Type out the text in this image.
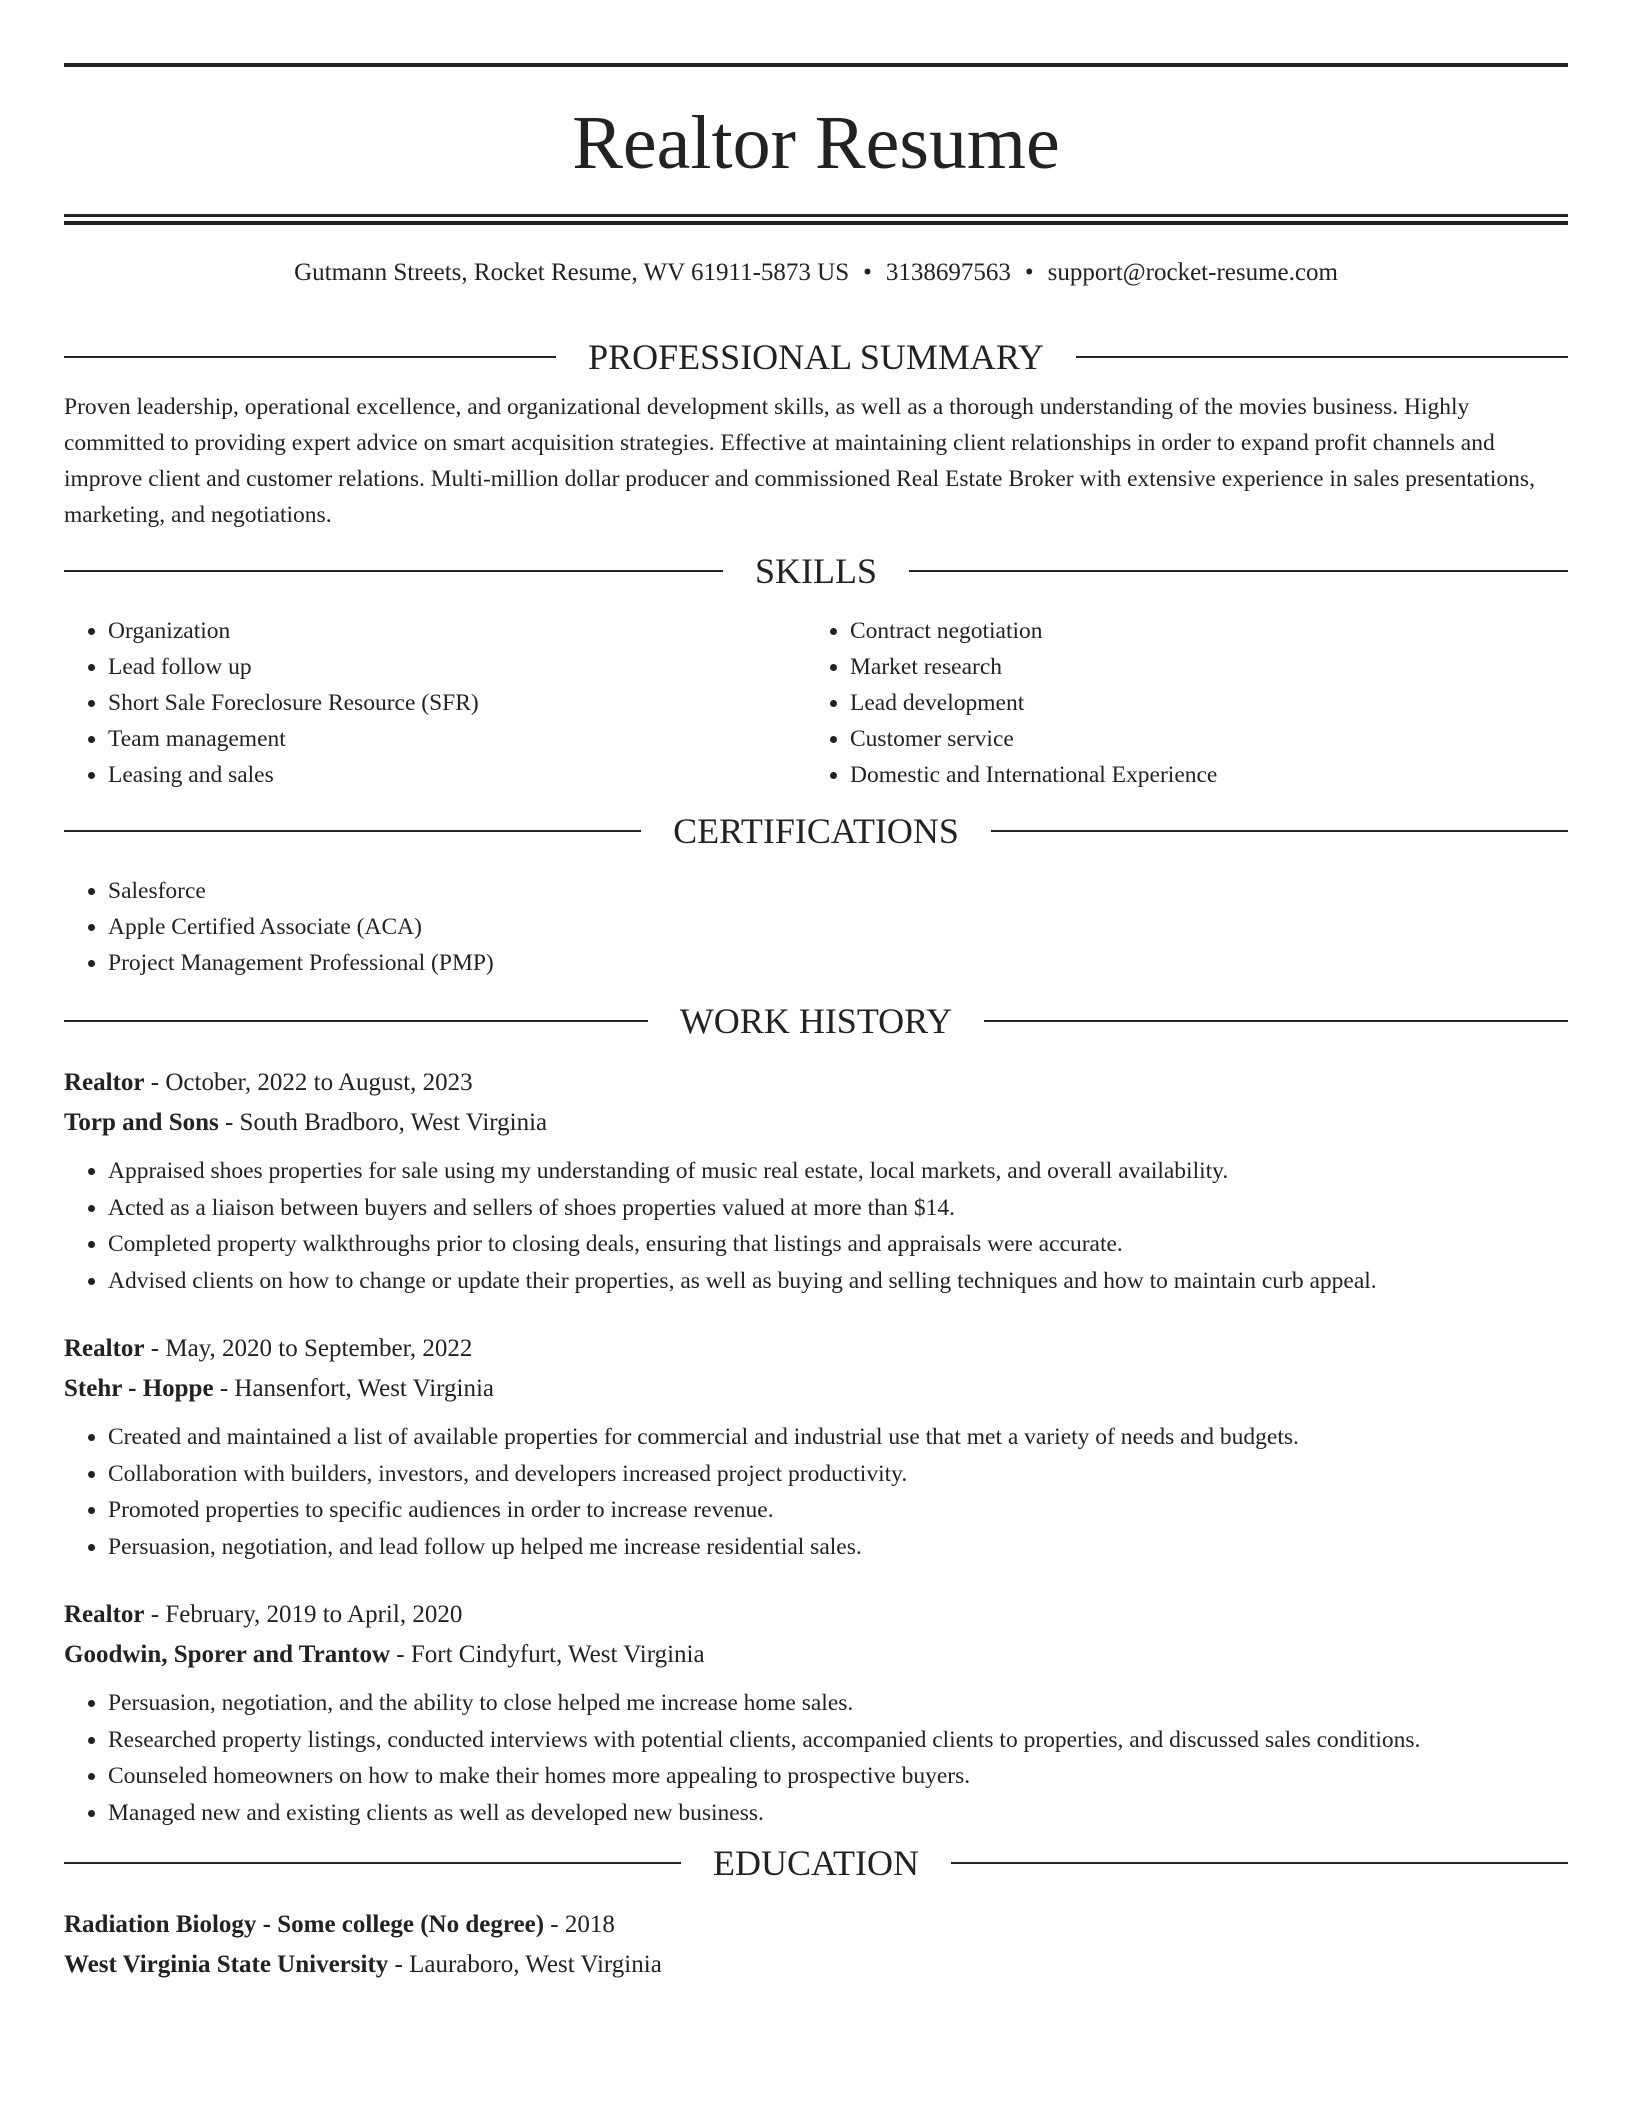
Realtor Resume
Gutmann Streets, Rocket Resume, WV 61911-5873 US • 3138697563 • support@rocket-resume.com
PROFESSIONAL SUMMARY
Proven leadership, operational excellence, and organizational development skills, as well as a thorough understanding of the movies business. Highly committed to providing expert advice on smart acquisition strategies. Effective at maintaining client relationships in order to expand profit channels and improve client and customer relations. Multi-million dollar producer and commissioned Real Estate Broker with extensive experience in sales presentations, marketing, and negotiations.
SKILLS
• Organization
• Lead follow up
• Short Sale Foreclosure Resource (SFR)
• Team management
• Leasing and sales
• Contract negotiation
• Market research
• Lead development
• Customer service
• Domestic and International Experience
CERTIFICATIONS
• Salesforce
• Apple Certified Associate (ACA)
• Project Management Professional (PMP)
WORK HISTORY
Realtor - October, 2022 to August, 2023
Torp and Sons - South Bradboro, West Virginia
• Appraised shoes properties for sale using my understanding of music real estate, local markets, and overall availability.
• Acted as a liaison between buyers and sellers of shoes properties valued at more than $14.
• Completed property walkthroughs prior to closing deals, ensuring that listings and appraisals were accurate.
• Advised clients on how to change or update their properties, as well as buying and selling techniques and how to maintain curb appeal.
Realtor - May, 2020 to September, 2022
Stehr - Hoppe - Hansenfort, West Virginia
• Created and maintained a list of available properties for commercial and industrial use that met a variety of needs and budgets.
• Collaboration with builders, investors, and developers increased project productivity.
• Promoted properties to specific audiences in order to increase revenue.
• Persuasion, negotiation, and lead follow up helped me increase residential sales.
Realtor - February, 2019 to April, 2020
Goodwin, Sporer and Trantow - Fort Cindyfurt, West Virginia
• Persuasion, negotiation, and the ability to close helped me increase home sales.
• Researched property listings, conducted interviews with potential clients, accompanied clients to properties, and discussed sales conditions.
• Counseled homeowners on how to make their homes more appealing to prospective buyers.
• Managed new and existing clients as well as developed new business.
EDUCATION
Radiation Biology - Some college (No degree) - 2018
West Virginia State University - Lauraboro, West Virginia
